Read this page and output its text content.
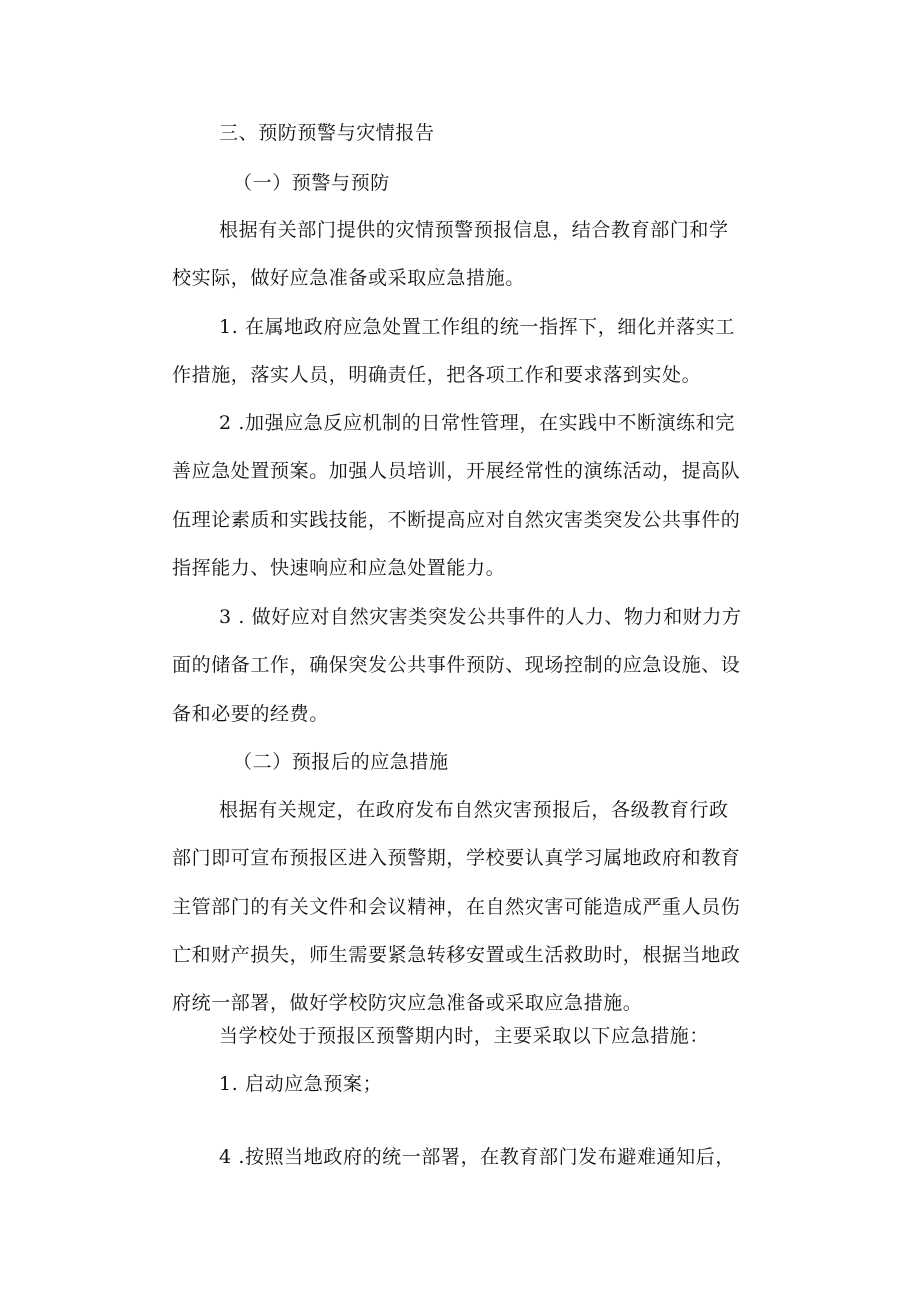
三、预防预警与灾情报告
（一）预警与预防
根据有关部门提供的灾情预警预报信息，结合教育部门和学
校实际，做好应急准备或采取应急措施。
1. 在属地政府应急处置工作组的统一指挥下，细化并落实工
作措施，落实人员，明确责任，把各项工作和要求落到实处。
2 .加强应急反应机制的日常性管理，在实践中不断演练和完
善应急处置预案。加强人员培训，开展经常性的演练活动，提高队
伍理论素质和实践技能，不断提高应对自然灾害类突发公共事件的
指挥能力、快速响应和应急处置能力。
3 . 做好应对自然灾害类突发公共事件的人力、物力和财力方
面的储备工作，确保突发公共事件预防、现场控制的应急设施、设
备和必要的经费。
（二）预报后的应急措施
根据有关规定，在政府发布自然灾害预报后，各级教育行政
部门即可宣布预报区进入预警期，学校要认真学习属地政府和教育
主管部门的有关文件和会议精神，在自然灾害可能造成严重人员伤
亡和财产损失，师生需要紧急转移安置或生活救助时，根据当地政
府统一部署，做好学校防灾应急准备或采取应急措施。
当学校处于预报区预警期内时，主要采取以下应急措施：
1. 启动应急预案；
4 .按照当地政府的统一部署，在教育部门发布避难通知后，
